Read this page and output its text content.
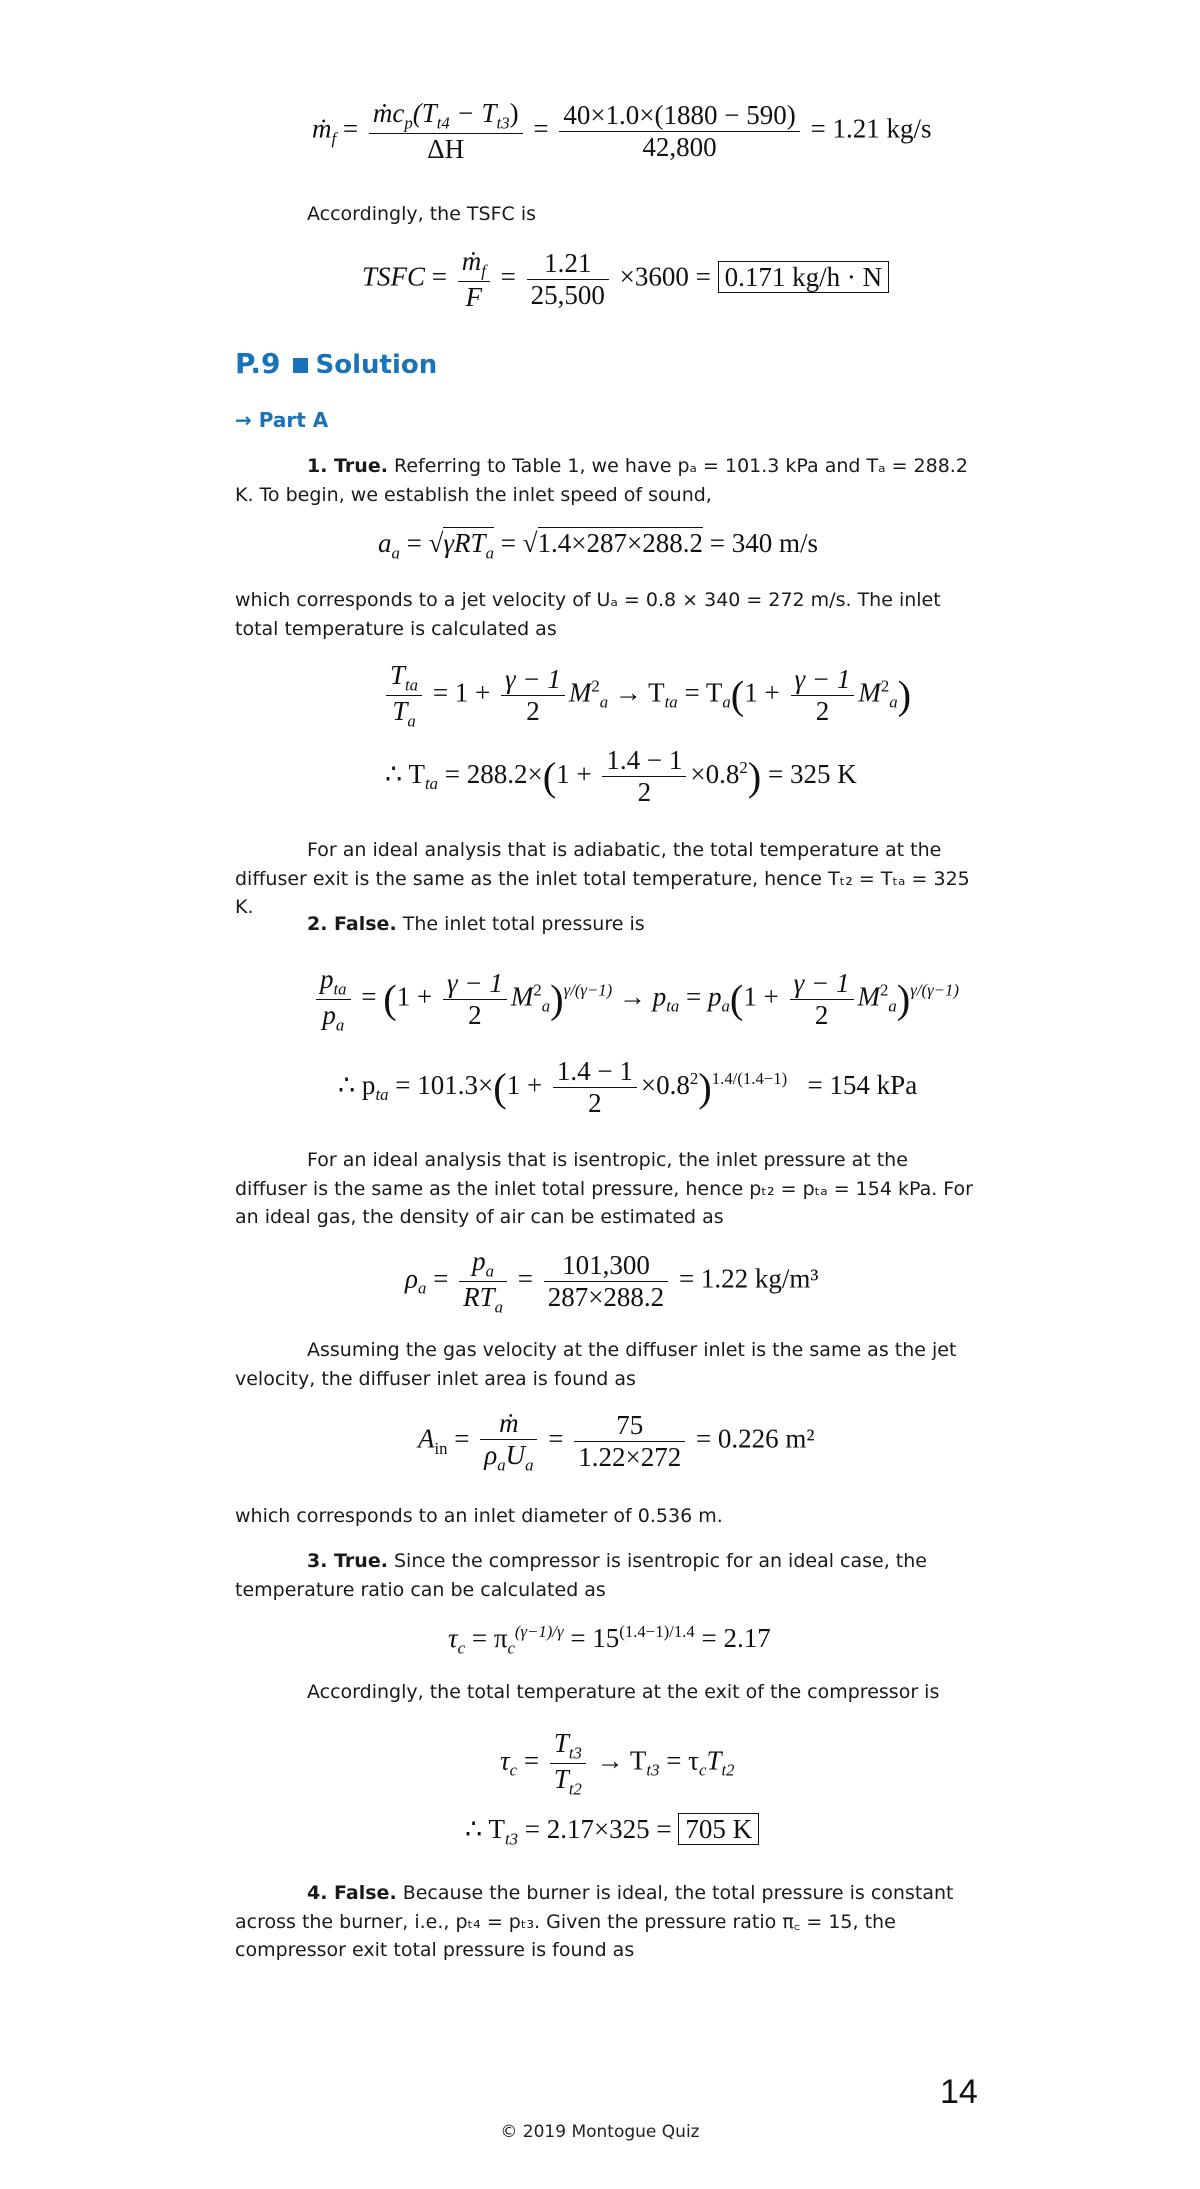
ṁ$_f$ = $\frac{ṁc_p(T_{t4} - T_{t3})}{\Delta H} = \frac{40\times 1.0\times(1880 - 590)}{42,800} = 1.21$ kg/s
Accordingly, the TSFC is
TSFC = $\frac{ṁ_f}{F} = \frac{1.21}{25,500} \times 3600 = 0.171$ kg/h · N
P.9 Solution
→ Part A
1. True. Referring to Table 1, we have pₐ = 101.3 kPa and Tₐ = 288.2 K. To begin, we establish the inlet speed of sound,
$a_a = √\gamma RT_a = √1.4\times 287\times 288.2 = 340$ m/s
which corresponds to a jet velocity of Uₐ = 0.8 × 340 = 272 m/s. The inlet total temperature is calculated as
$\frac{T_{ta}}{T_a} = 1 + \frac{\gamma - 1}{2} M^2_a \to T_{ta} = T_a(1 + \frac{\gamma - 1}{2} M^2_a)$
∴ $T_{ta} = 288.2\times(1 + \frac{1.4 - 1}{2} \times 0.8^2) = 325$ K
For an ideal analysis that is adiabatic, the total temperature at the diffuser exit is the same as the inlet total temperature, hence Tₜ₂ = Tₜₐ = 325 K.
2. False. The inlet total pressure is
$\frac{p_{ta}}{p_a} = (1 + \frac{\gamma - 1}{2} M^2_a)^{\gamma/(\gamma-1)} \to p_{ta} = p_a(1 + \frac{\gamma - 1}{2} M^2_a)^{\gamma/(\gamma-1)}$
∴ $p_{ta} = 101.3\times(1 + \frac{1.4 - 1}{2} \times 0.8^2)^{1.4/(1.4-1)} = 154$ kPa
For an ideal analysis that is isentropic, the inlet pressure at the diffuser is the same as the inlet total pressure, hence pₜ₂ = pₜₐ = 154 kPa. For an ideal gas, the density of air can be estimated as
$\rho_a = \frac{p_a}{RT_a} = \frac{101,300}{287\times 288.2} = 1.22$ kg/m³
Assuming the gas velocity at the diffuser inlet is the same as the jet velocity, the diffuser inlet area is found as
$A_{in} = \frac{\text{ṁ}}{\rho_aU_a} = \frac{75}{1.22\times 272} = 0.226$ m²
which corresponds to an inlet diameter of 0.536 m.
3. True. Since the compressor is isentropic for an ideal case, the temperature ratio can be calculated as
$\tau_c = \pi_c^{(\gamma-1)/\gamma} = 15^{(1.4-1)/1.4} = 2.17$
Accordingly, the total temperature at the exit of the compressor is
$\tau_c = \frac{T_{t3}}{T_{t2}} \to T_{t3} = \tau_cT_{t2}$
∴ $T_{t3} = 2.17\times 325 = 705$ K
4. False. Because the burner is ideal, the total pressure is constant across the burner, i.e., pₜ₄ = pₜ₃. Given the pressure ratio π꜀ = 15, the compressor exit total pressure is found as
14
© 2019 Montogue Quiz
